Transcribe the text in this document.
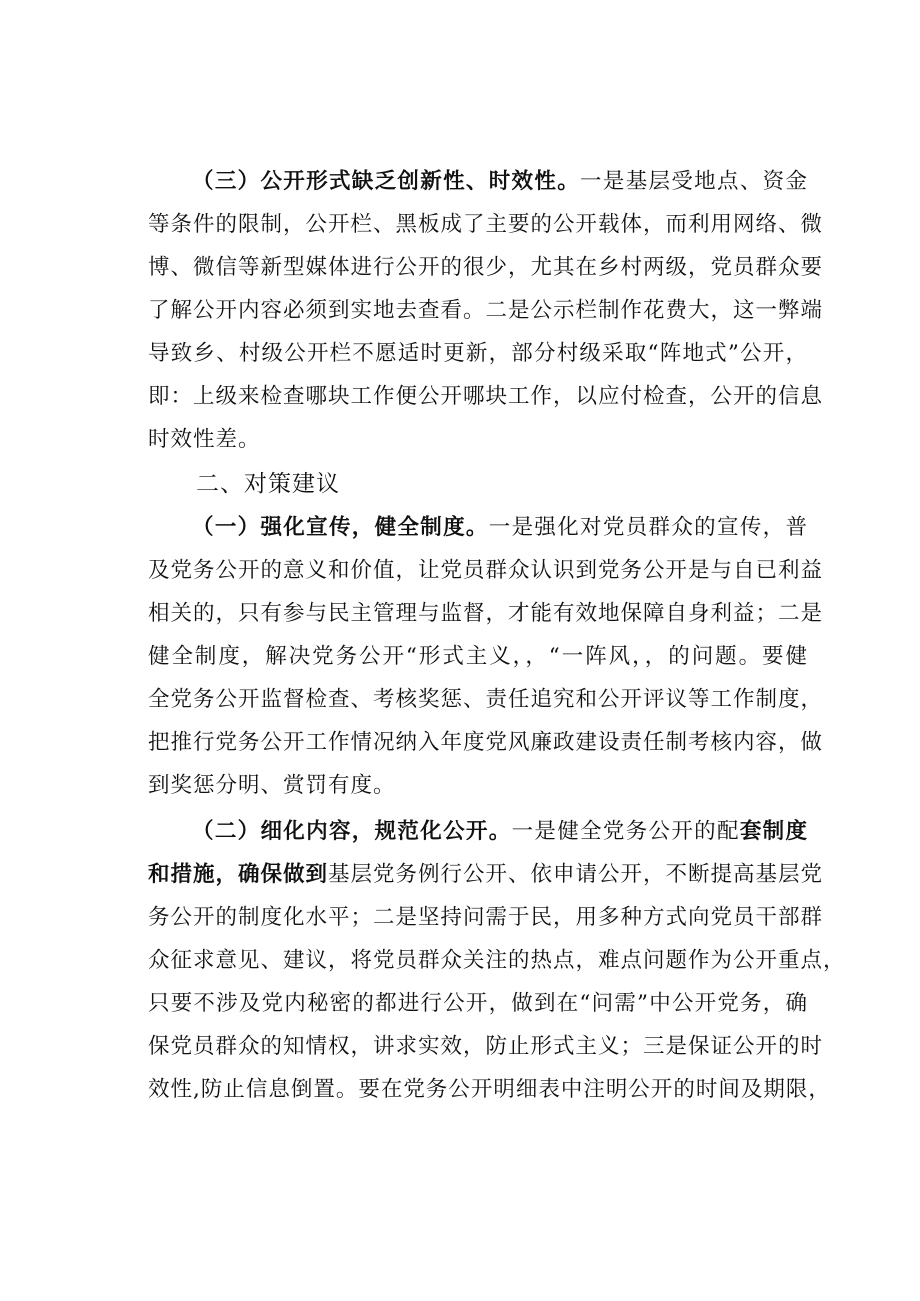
（三）公开形式缺乏创新性、时效性。一是基层受地点、资金
等条件的限制，公开栏、黑板成了主要的公开载体，而利用网络、微
博、微信等新型媒体进行公开的很少，尤其在乡村两级，党员群众要
了解公开内容必须到实地去查看。二是公示栏制作花费大，这一弊端
导致乡、村级公开栏不愿适时更新，部分村级采取“阵地式”公开，
即：上级来检查哪块工作便公开哪块工作，以应付检查，公开的信息
时效性差。
二、对策建议
（一）强化宣传，健全制度。一是强化对党员群众的宣传，普
及党务公开的意义和价值，让党员群众认识到党务公开是与自已利益
相关的，只有参与民主管理与监督，才能有效地保障自身利益；二是
健全制度，解决党务公开“形式主义，，“一阵风，，的问题。要健
全党务公开监督检查、考核奖惩、责任追究和公开评议等工作制度，
把推行党务公开工作情况纳入年度党风廉政建设责任制考核内容，做
到奖惩分明、赏罚有度。
（二）细化内容，规范化公开。一是健全党务公开的配套制度
和措施，确保做到基层党务例行公开、依申请公开，不断提高基层党
务公开的制度化水平；二是坚持问需于民，用多种方式向党员干部群
众征求意见、建议，将党员群众关注的热点，难点问题作为公开重点，
只要不涉及党内秘密的都进行公开，做到在“问需”中公开党务，确
保党员群众的知情权，讲求实效，防止形式主义；三是保证公开的时
效性,防止信息倒置。要在党务公开明细表中注明公开的时间及期限，
